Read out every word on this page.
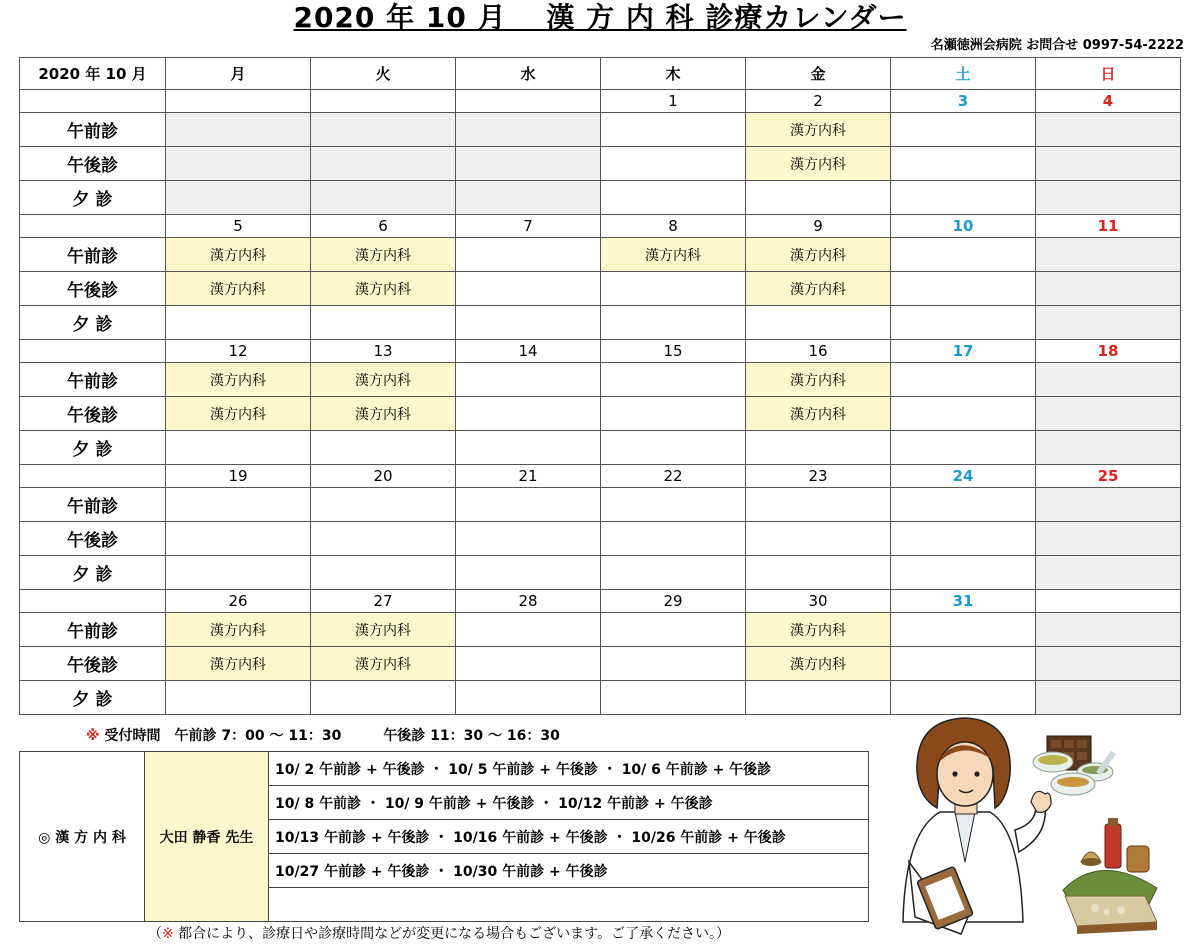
2020 年 10 月　 漢 方 内 科 診療カレンダー
名瀬徳洲会病院 お問合せ 0997-54-2222
2020 年 10 月	月	火	水	木	金	土	日
				1	2	3	4
午前診					漢方内科		
午後診					漢方内科		
夕 診							
	5	6	7	8	9	10	11
午前診	漢方内科	漢方内科		漢方内科	漢方内科		
午後診	漢方内科	漢方内科			漢方内科		
夕 診							
	12	13	14	15	16	17	18
午前診	漢方内科	漢方内科			漢方内科		
午後診	漢方内科	漢方内科			漢方内科		
夕 診							
	19	20	21	22	23	24	25
午前診							
午後診							
夕 診							
	26	27	28	29	30	31	
午前診	漢方内科	漢方内科			漢方内科		
午後診	漢方内科	漢方内科			漢方内科		
夕 診							
※ 受付時間 午前診 7：00 ～ 11：30	午後診 11：30 ～ 16：30
◎ 漢 方 内 科	大田 静香 先生	10/ 2 午前診 + 午後診 ・ 10/ 5 午前診 + 午後診 ・ 10/ 6 午前診 + 午後診
10/ 8 午前診 ・ 10/ 9 午前診 + 午後診 ・ 10/12 午前診 + 午後診
10/13 午前診 + 午後診 ・ 10/16 午前診 + 午後診 ・ 10/26 午前診 + 午後診
10/27 午前診 + 午後診 ・ 10/30 午前診 + 午後診

（※ 都合により、診療日や診療時間などが変更になる場合もございます。ご了承ください。）
